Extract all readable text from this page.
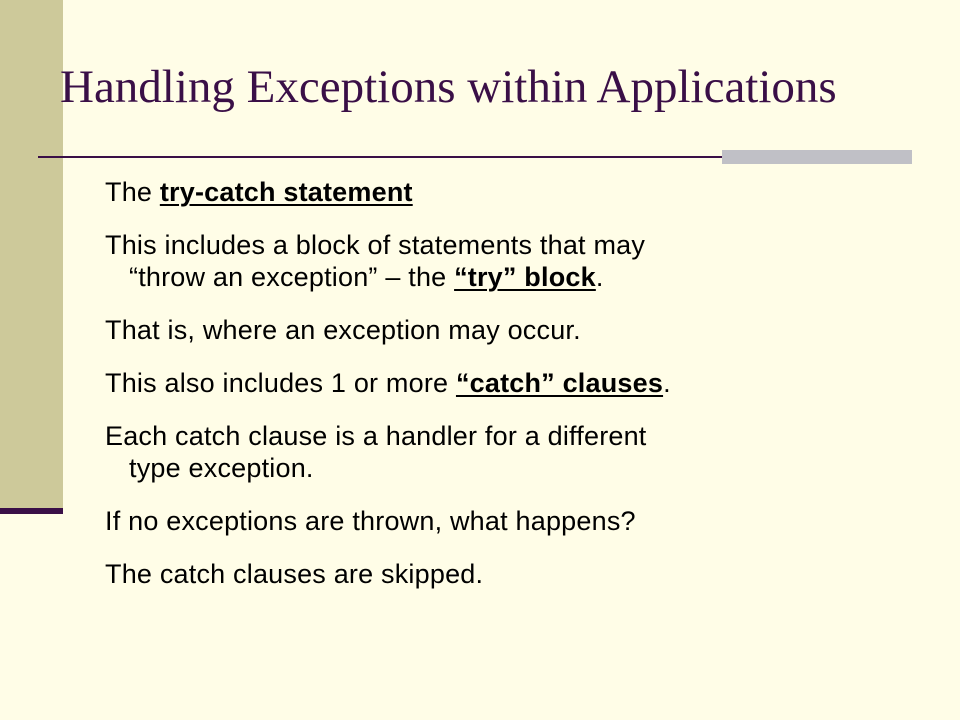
Handling Exceptions within Applications

The try-catch statement

This includes a block of statements that may
“throw an exception” – the “try” block.

That is, where an exception may occur.

This also includes 1 or more “catch” clauses.

Each catch clause is a handler for a different
type exception.

If no exceptions are thrown, what happens?

The catch clauses are skipped.
